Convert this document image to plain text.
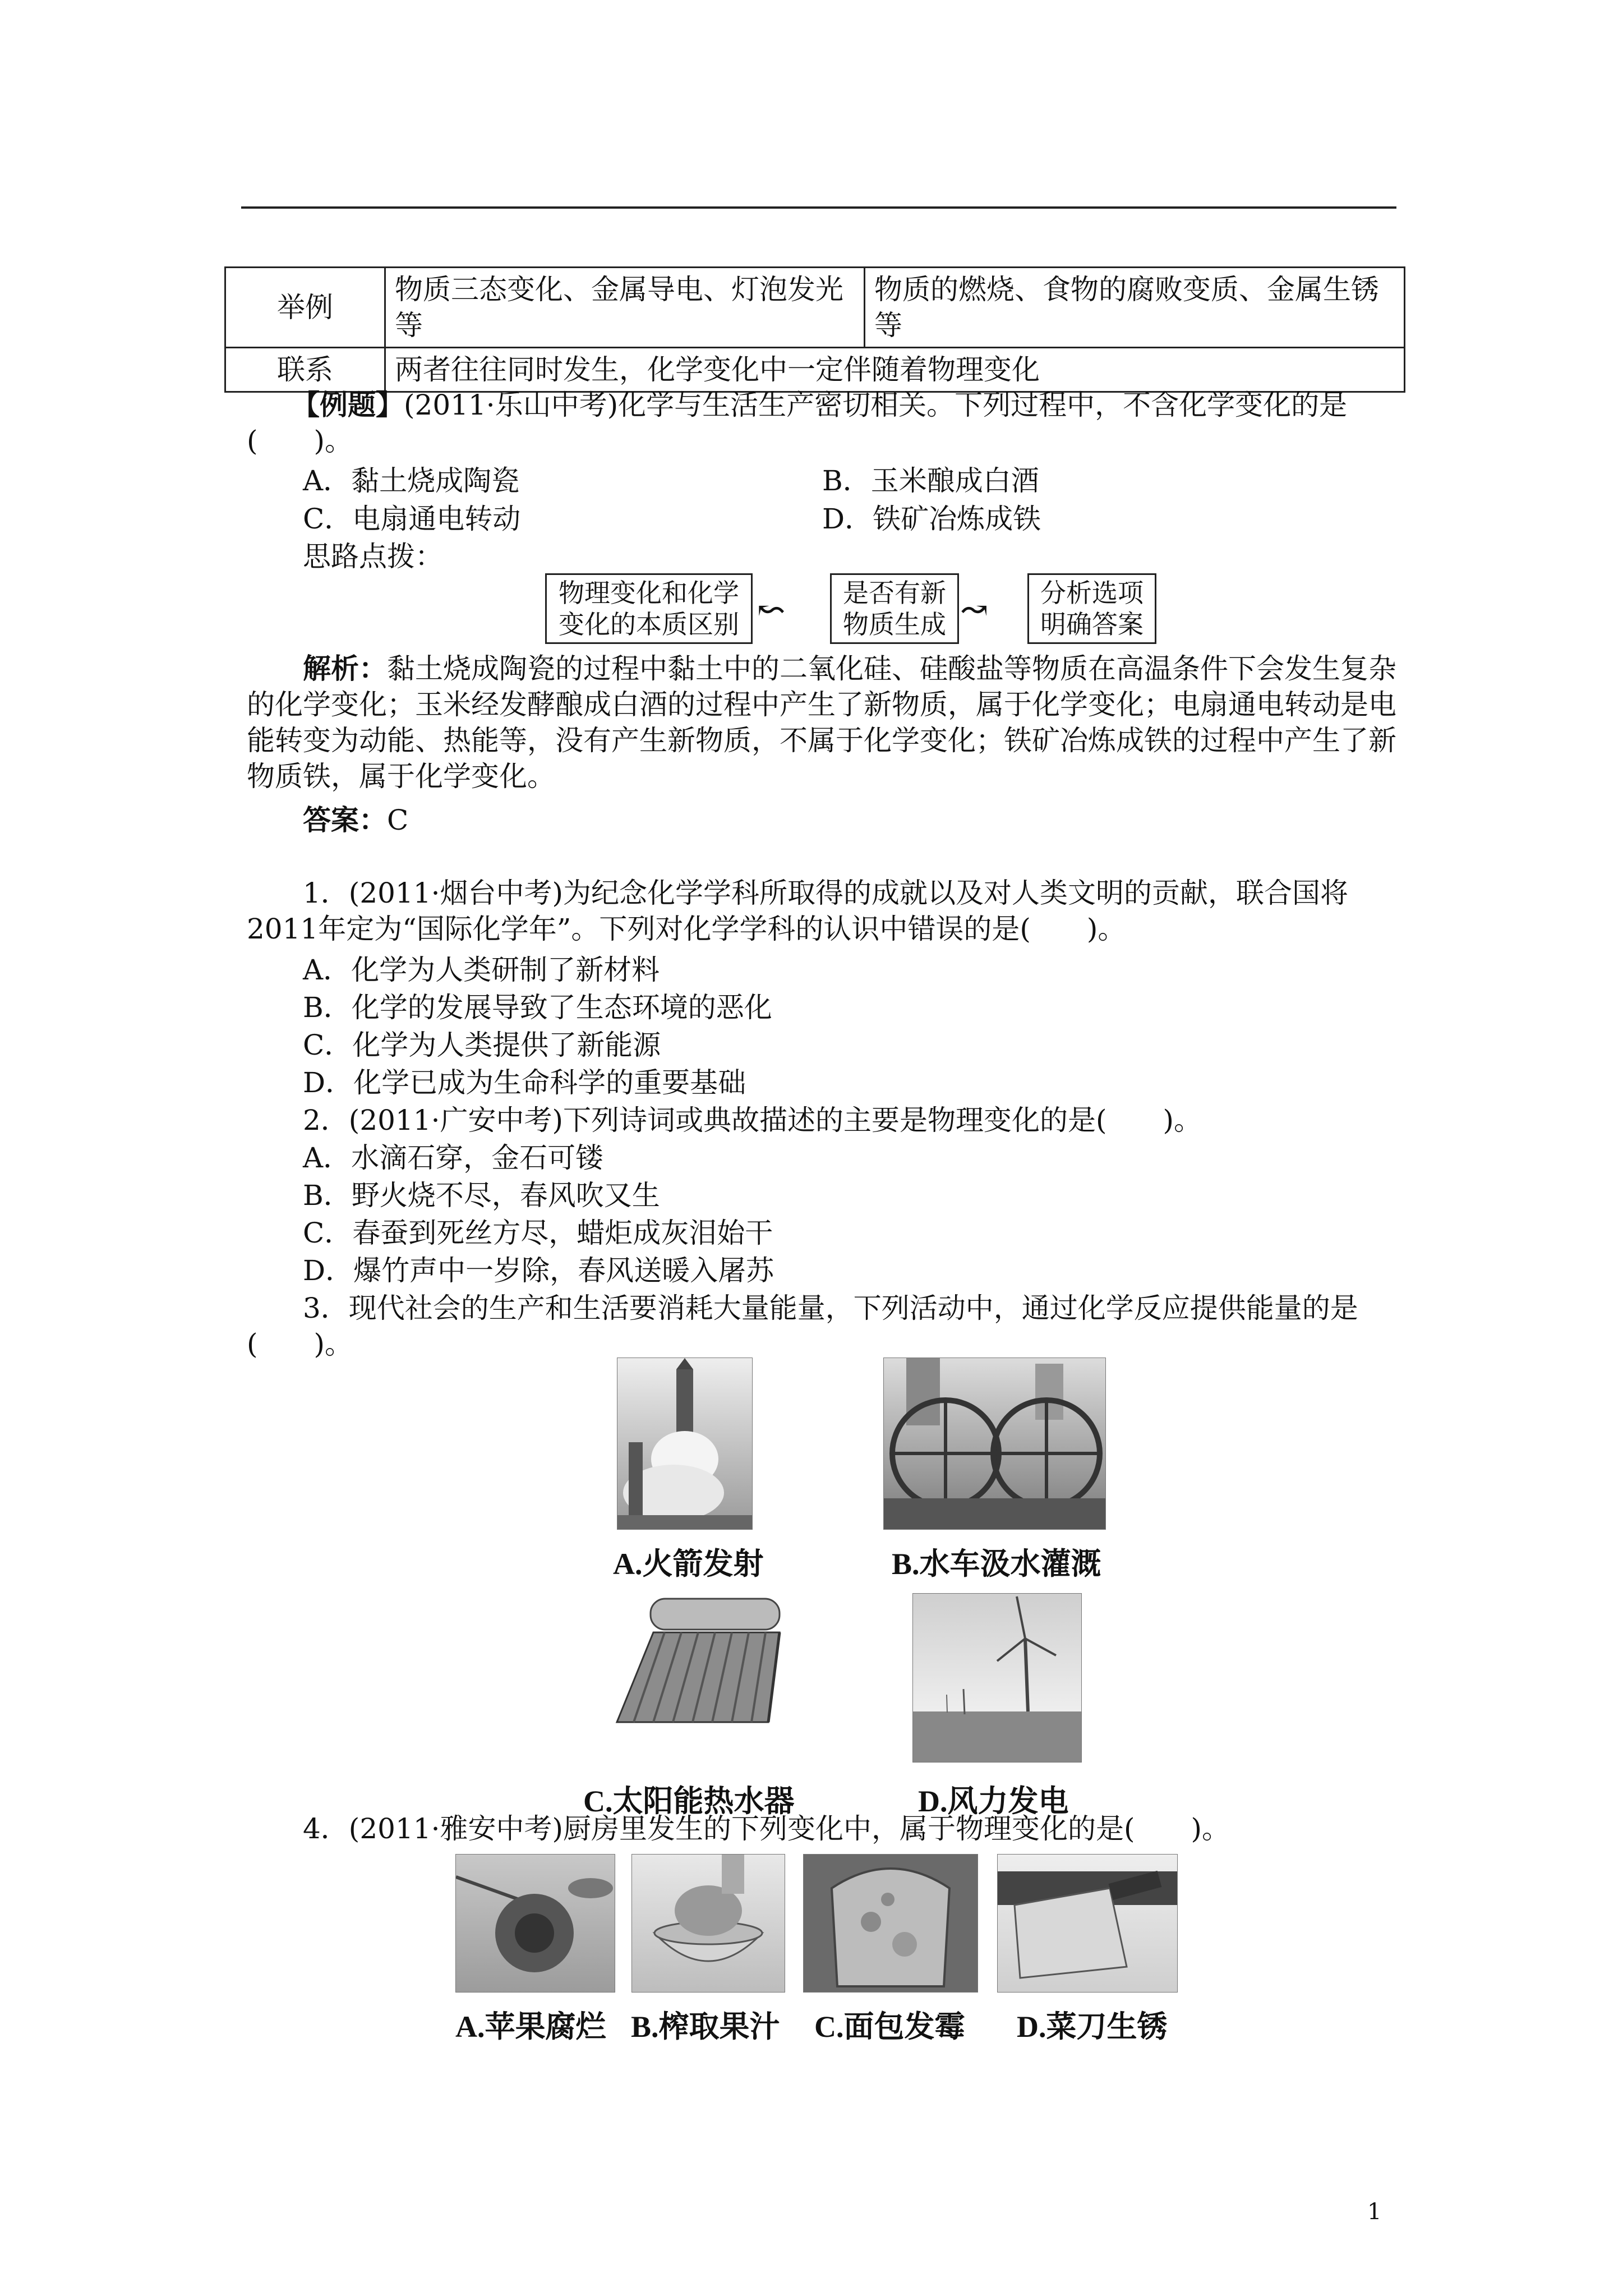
举例	物质三态变化、金属导电、灯泡发光等	物质的燃烧、食物的腐败变质、金属生锈等
联系	两者往往同时发生，化学变化中一定伴随着物理变化	
【例题】(2011·乐山中考)化学与生活生产密切相关。下列过程中，不含化学变化的是(　　)。
A．黏土烧成陶瓷	B．玉米酿成白酒
C．电扇通电转动	D．铁矿冶炼成铁
思路点拨：
物理变化和化学变化的本质区别 ↜	是否有新物质生成 ↝	分析选项明确答案
解析：黏土烧成陶瓷的过程中黏土中的二氧化硅、硅酸盐等物质在高温条件下会发生复杂的化学变化；玉米经发酵酿成白酒的过程中产生了新物质，属于化学变化；电扇通电转动是电能转变为动能、热能等，没有产生新物质，不属于化学变化；铁矿冶炼成铁的过程中产生了新物质铁，属于化学变化。
答案：C
1．(2011·烟台中考)为纪念化学学科所取得的成就以及对人类文明的贡献，联合国将2011年定为“国际化学年”。下列对化学学科的认识中错误的是(　　)。
A．化学为人类研制了新材料
B．化学的发展导致了生态环境的恶化
C．化学为人类提供了新能源
D．化学已成为生命科学的重要基础
2．(2011·广安中考)下列诗词或典故描述的主要是物理变化的是(　　)。
A．水滴石穿，金石可镂
B．野火烧不尽，春风吹又生
C．春蚕到死丝方尽，蜡炬成灰泪始干
D．爆竹声中一岁除，春风送暖入屠苏
3．现代社会的生产和生活要消耗大量能量，下列活动中，通过化学反应提供能量的是(　　)。
A.火箭发射	B.水车汲水灌溉
C.太阳能热水器	D.风力发电
4．(2011·雅安中考)厨房里发生的下列变化中，属于物理变化的是(　　)。
A.苹果腐烂 B.榨取果汁 C.面包发霉 D.菜刀生锈
1
